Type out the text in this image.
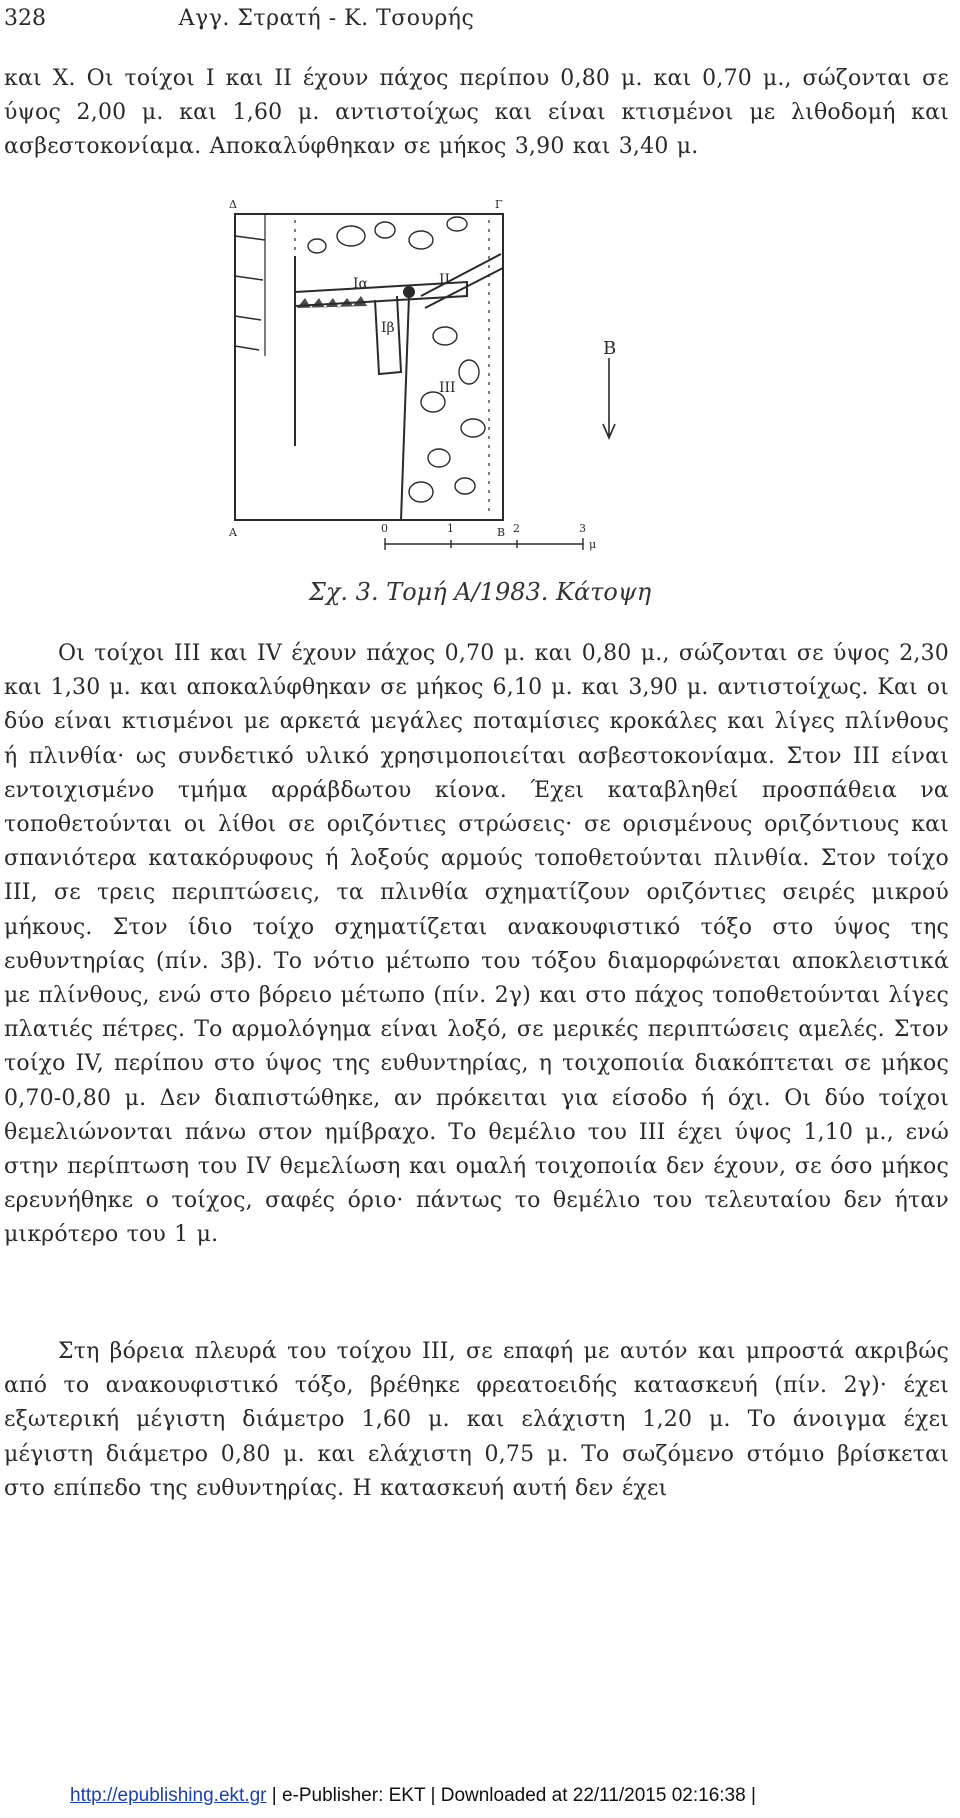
328	Αγγ. Στρατή - Κ. Τσουρής

και Χ. Οι τοίχοι Ι και II έχουν πάχος περίπου 0,80 μ. και 0,70 μ., σώζονται σε ύψος 2,00 μ. και 1,60 μ. αντιστοίχως και είναι κτισμένοι με λιθοδομή και ασβεστοκονίαμα. Αποκαλύφθηκαν σε μήκος 3,90 και 3,40 μ.

Δ	Γ
Α	Β
Ια
Ιβ
II
III
Β
0	1	2	3
μ
Σχ. 3. Τομή Α/1983. Κάτοψη

Οι τοίχοι III και IV έχουν πάχος 0,70 μ. και 0,80 μ., σώζονται σε ύψος 2,30 και 1,30 μ. και αποκαλύφθηκαν σε μήκος 6,10 μ. και 3,90 μ. αντιστοίχως. Και οι δύο είναι κτισμένοι με αρκετά μεγάλες ποταμίσιες κροκάλες και λίγες πλίνθους ή πλινθία· ως συνδετικό υλικό χρησιμοποιείται ασβεστοκονίαμα. Στον III είναι εντοιχισμένο τμήμα αρράβδωτου κίονα. Έχει καταβληθεί προσπάθεια να τοποθετούνται οι λίθοι σε οριζόντιες στρώσεις· σε ορισμένους οριζόντιους και σπανιότερα κατακόρυφους ή λοξούς αρμούς τοποθετούνται πλινθία. Στον τοίχο III, σε τρεις περιπτώσεις, τα πλινθία σχηματίζουν οριζόντιες σειρές μικρού μήκους. Στον ίδιο τοίχο σχηματίζεται ανακουφιστικό τόξο στο ύψος της ευθυντηρίας (πίν. 3β). Το νότιο μέτωπο του τόξου διαμορφώνεται αποκλειστικά με πλίνθους, ενώ στο βόρειο μέτωπο (πίν. 2γ) και στο πάχος τοποθετούνται λίγες πλατιές πέτρες. Το αρμολόγημα είναι λοξό, σε μερικές περιπτώσεις αμελές. Στον τοίχο IV, περίπου στο ύψος της ευθυντηρίας, η τοιχοποιία διακόπτεται σε μήκος 0,70-0,80 μ. Δεν διαπιστώθηκε, αν πρόκειται για είσοδο ή όχι. Οι δύο τοίχοι θεμελιώνονται πάνω στον ημίβραχο. Το θεμέλιο του III έχει ύψος 1,10 μ., ενώ στην περίπτωση του IV θεμελίωση και ομαλή τοιχοποιία δεν έχουν, σε όσο μήκος ερευνήθηκε ο τοίχος, σαφές όριο· πάντως το θεμέλιο του τελευταίου δεν ήταν μικρότερο του 1 μ.

Στη βόρεια πλευρά του τοίχου III, σε επαφή με αυτόν και μπροστά ακριβώς από το ανακουφιστικό τόξο, βρέθηκε φρεατοειδής κατασκευή (πίν. 2γ)· έχει εξωτερική μέγιστη διάμετρο 1,60 μ. και ελάχιστη 1,20 μ. Το άνοιγμα έχει μέγιστη διάμετρο 0,80 μ. και ελάχιστη 0,75 μ. Το σωζόμενο στόμιο βρίσκεται στο επίπεδο της ευθυντηρίας. Η κατασκευή αυτή δεν έχει

http://epublishing.ekt.gr | e-Publisher: EKT | Downloaded at 22/11/2015 02:16:38 |
